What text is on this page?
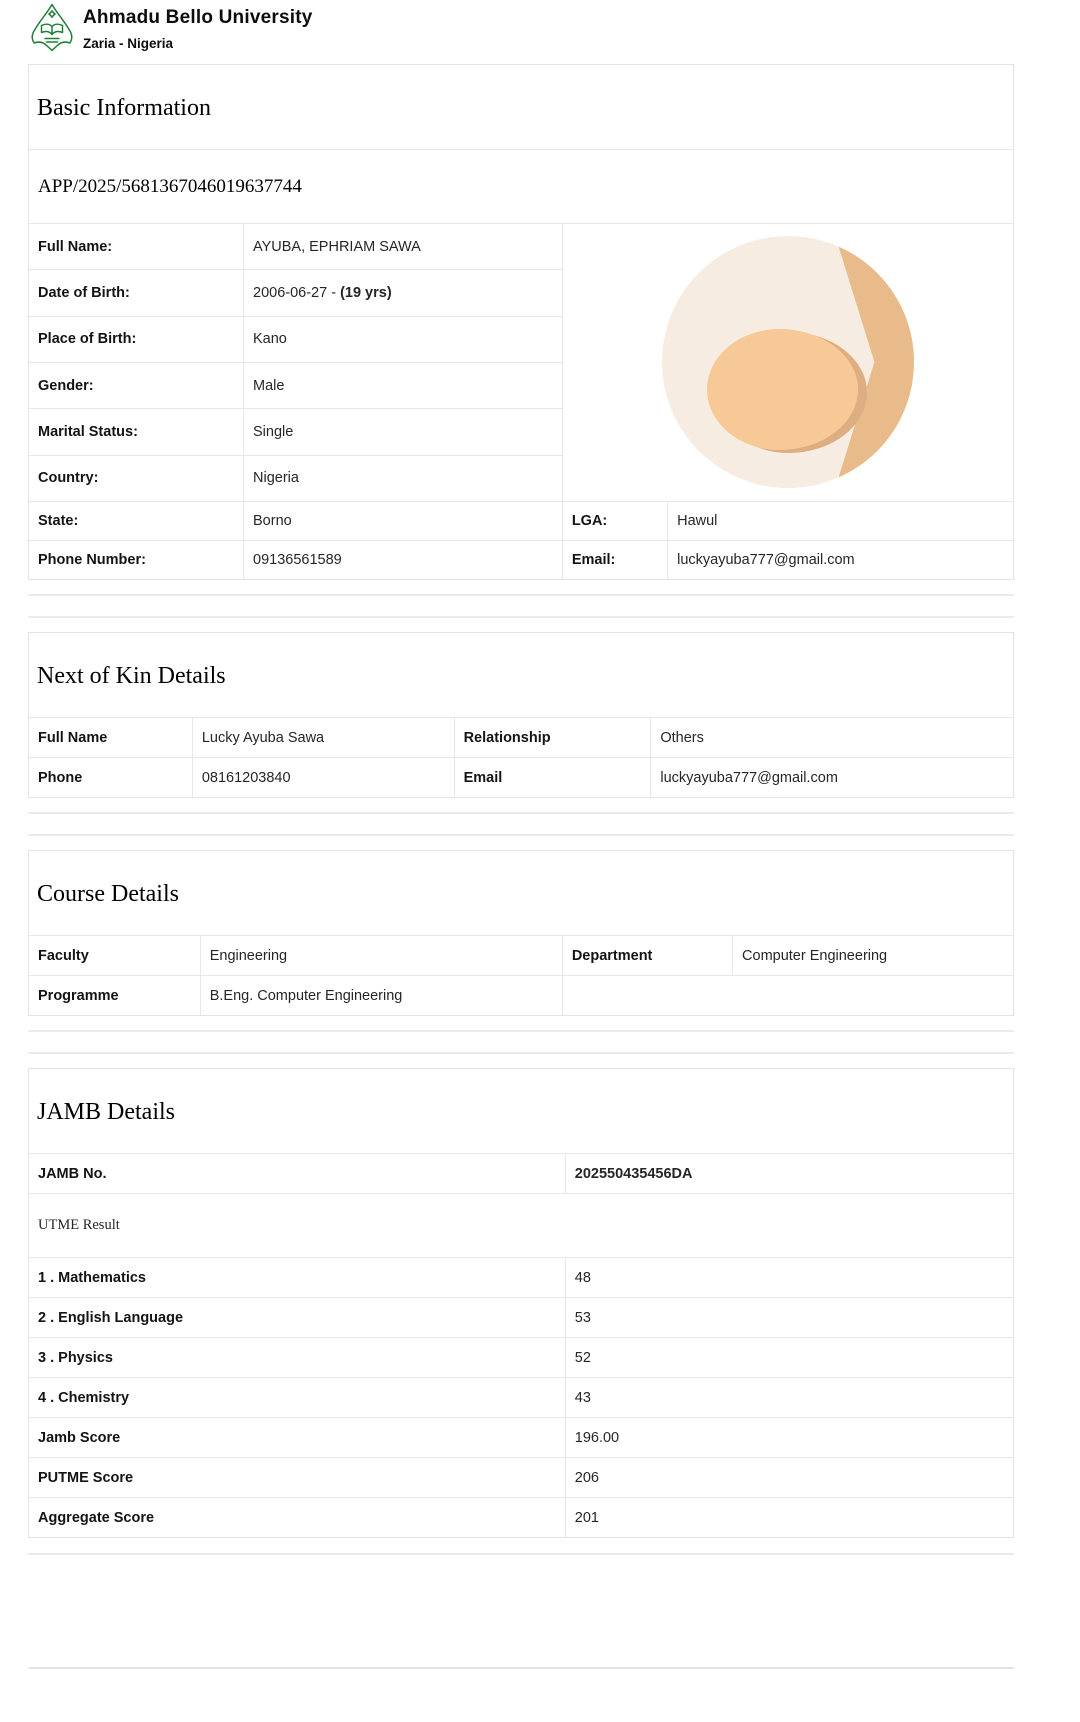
Ahmadu Bello University
Zaria - Nigeria
Basic Information
APP/2025/5681367046019637744
Full Name:	AYUBA, EPHRIAM SAWA		

Date of Birth:	2006-06-27 - (19 yrs)		
Place of Birth:	Kano		
Gender:	Male		
Marital Status:	Single		
Country:	Nigeria		
State:	Borno	LGA:	Hawul
Phone Number:	09136561589	Email:	luckyayuba777@gmail.com
Next of Kin Details
Full Name	Lucky Ayuba Sawa	Relationship	Others
Phone	08161203840	Email	luckyayuba777@gmail.com
Course Details
Faculty	Engineering	Department	Computer Engineering
Programme	B.Eng. Computer Engineering		
JAMB Details
JAMB No.	202550435456DA
UTME Result	
1 . Mathematics	48
2 . English Language	53
3 . Physics	52
4 . Chemistry	43
Jamb Score	196.00
PUTME Score	206
Aggregate Score	201
